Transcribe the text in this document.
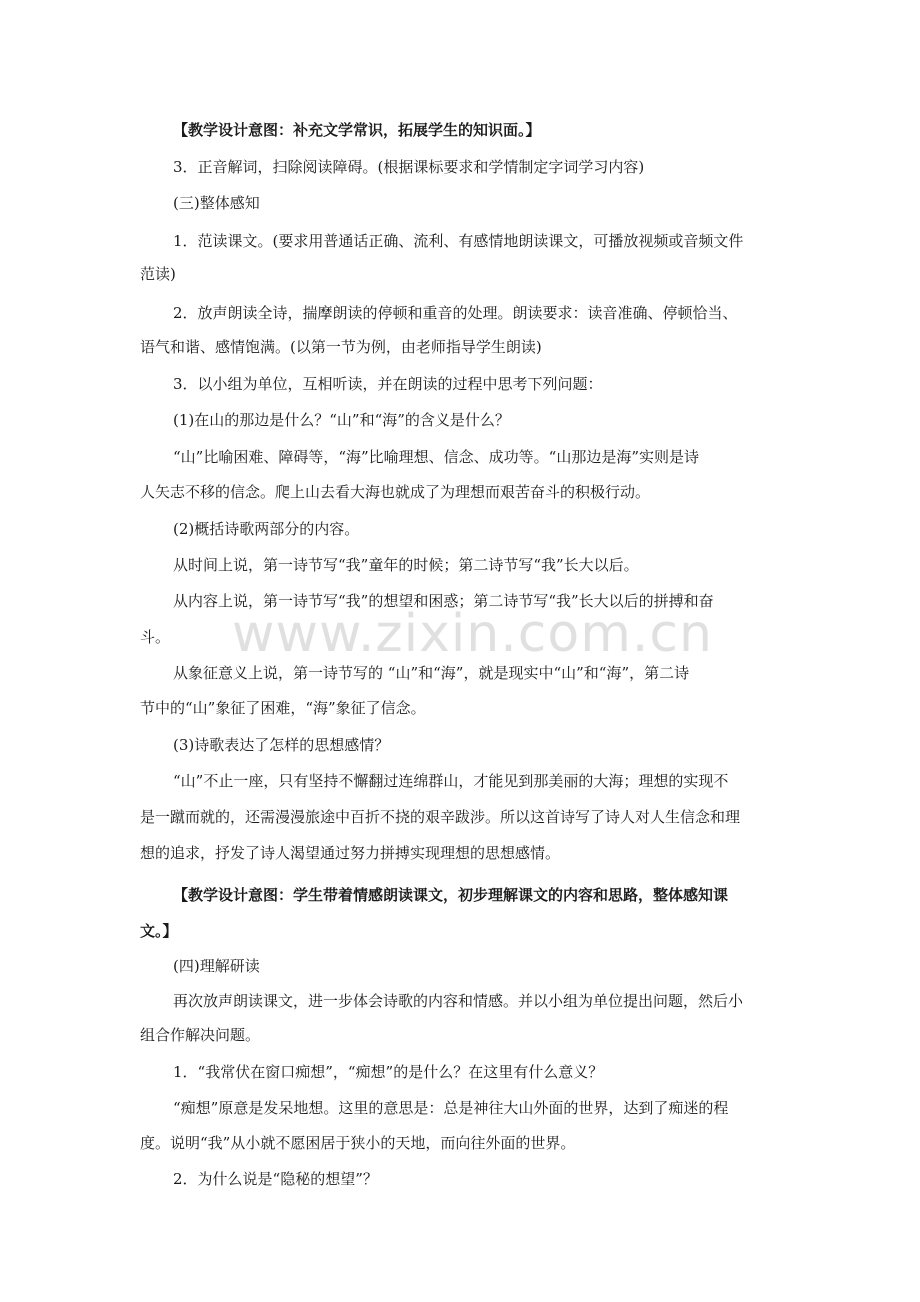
【教学设计意图：补充文学常识，拓展学生的知识面。】
3．正音解词，扫除阅读障碍。(根据课标要求和学情制定字词学习内容)
(三)整体感知
1．范读课文。(要求用普通话正确、流利、有感情地朗读课文，可播放视频或音频文件
范读)
2．放声朗读全诗，揣摩朗读的停顿和重音的处理。朗读要求：读音准确、停顿恰当、
语气和谐、感情饱满。(以第一节为例，由老师指导学生朗读)
3．以小组为单位，互相听读，并在朗读的过程中思考下列问题：
(1)在山的那边是什么？“山”和“海”的含义是什么？
“山”比喻困难、障碍等，“海”比喻理想、信念、成功等。“山那边是海”实则是诗
人矢志不移的信念。爬上山去看大海也就成了为理想而艰苦奋斗的积极行动。
(2)概括诗歌两部分的内容。
从时间上说，第一诗节写“我”童年的时候；第二诗节写“我”长大以后。
从内容上说，第一诗节写“我”的想望和困惑；第二诗节写“我”长大以后的拼搏和奋
斗。
从象征意义上说，第一诗节写的 “山”和“海”，就是现实中“山”和“海”，第二诗
节中的“山”象征了困难，“海”象征了信念。
(3)诗歌表达了怎样的思想感情？
“山”不止一座，只有坚持不懈翻过连绵群山，才能见到那美丽的大海；理想的实现不
是一蹴而就的，还需漫漫旅途中百折不挠的艰辛跋涉。所以这首诗写了诗人对人生信念和理
想的追求，抒发了诗人渴望通过努力拼搏实现理想的思想感情。
【教学设计意图：学生带着情感朗读课文，初步理解课文的内容和思路，整体感知课
文。】
(四)理解研读
再次放声朗读课文，进一步体会诗歌的内容和情感。并以小组为单位提出问题，然后小
组合作解决问题。
1．“我常伏在窗口痴想”，“痴想”的是什么？在这里有什么意义？
“痴想”原意是发呆地想。这里的意思是：总是神往大山外面的世界，达到了痴迷的程
度。说明“我”从小就不愿困居于狭小的天地，而向往外面的世界。
2．为什么说是“隐秘的想望”？
www.zixin.com.cn
